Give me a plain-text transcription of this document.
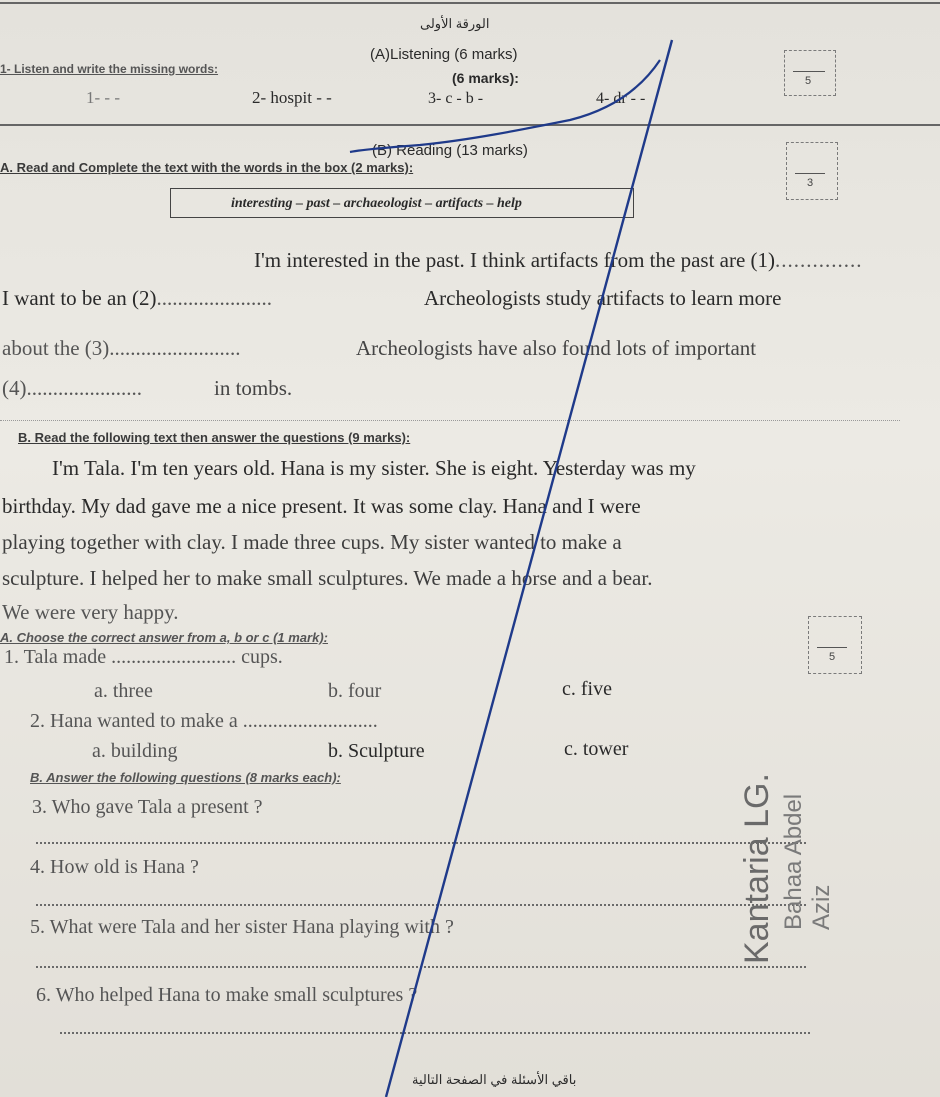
الورقة الأولى
(A)Listening (6 marks)
1- Listen and write the missing words:
(6 marks):
1- - -	2- hospit - -	3- c - b -	4- dr - -
5
(B) Reading (13 marks)
A. Read and Complete the text with the words in the box (2 marks):
interesting – past – archaeologist – artifacts – help
3
I'm interested in the past. I think artifacts from the past are (1)..............
I want to be an (2)......................	Archeologists study artifacts to learn more
about the (3).........................	Archeologists have also found lots of important
(4)......................	in tombs.
B. Read the following text then answer the questions (9 marks):
I'm Tala. I'm ten years old. Hana is my sister. She is eight. Yesterday was my
birthday. My dad gave me a nice present. It was some clay. Hana and I were
playing together with clay. I made three cups. My sister wanted to make a
sculpture. I helped her to make small sculptures. We made a horse and a bear.
We were very happy.
A. Choose the correct answer from a, b or c (1 mark):
5
1. Tala made ......................... cups.
a. three	b. four	c. five
2. Hana wanted to make a ...........................
a. building	b. Sculpture	c. tower
B. Answer the following questions (8 marks each):
3. Who gave Tala a present ?
4. How old is Hana ?
5. What were Tala and her sister Hana playing with ?
6. Who helped Hana to make small sculptures ?
Kantaria LG. Bahaa Abdel Aziz
باقي الأسئلة في الصفحة التالية
